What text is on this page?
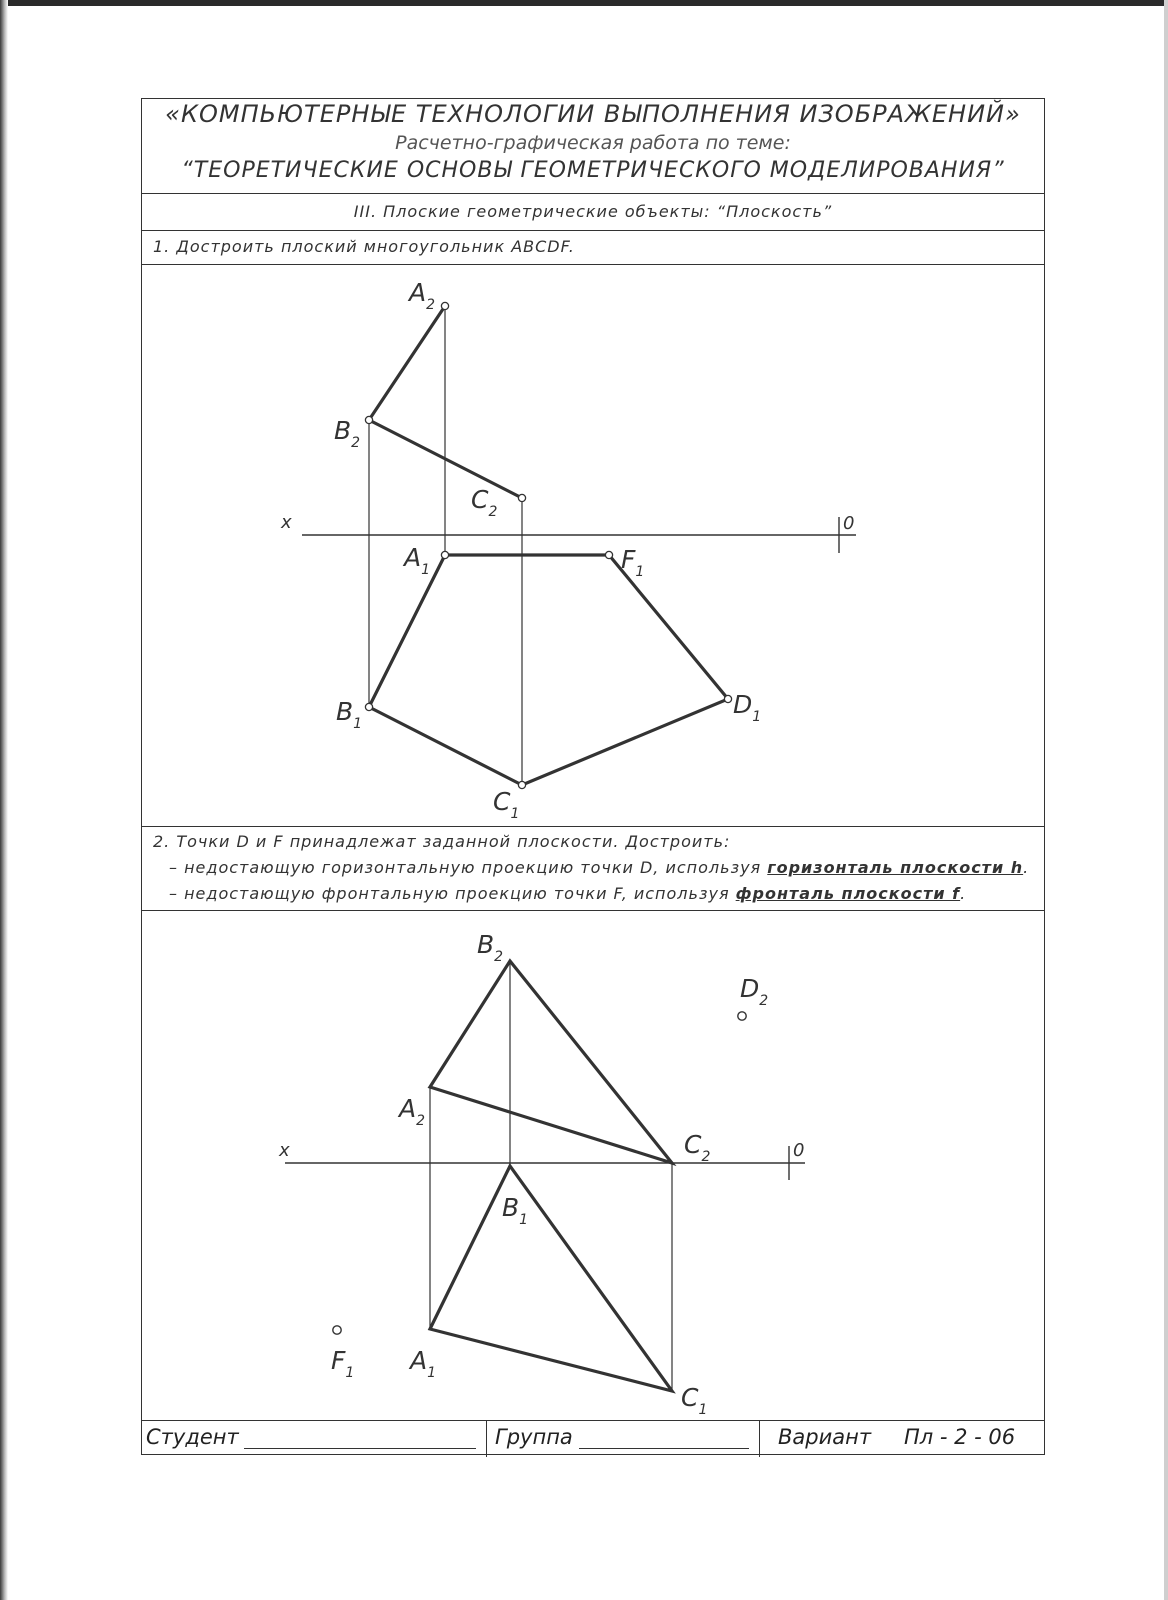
«КОМПЬЮТЕРНЫЕ ТЕХНОЛОГИИ ВЫПОЛНЕНИЯ ИЗОБРАЖЕНИЙ»
Расчетно-графическая работа по теме:
“ТЕОРЕТИЧЕСКИЕ ОСНОВЫ ГЕОМЕТРИЧЕСКОГО МОДЕЛИРОВАНИЯ”
III. Плоские геометрические объекты: “Плоскость”
1. Достроить плоский многоугольник ABCDF.
2. Точки D и F принадлежат заданной плоскости. Достроить:
– недостающую горизонтальную проекцию точки D, используя горизонталь плоскости h.
– недостающую фронтальную проекцию точки F, используя фронталь плоскости f.
Студент	Группа	Вариант Пл - 2 - 06
x	0
$A_2$
$B_2$
$C_2$
$A_1$	$F_1$
$B_1$
$D_1$
$C_1$
x	0
$B_2$
$D_2$
$A_2$
$C_2$
$B_1$
$F_1$ $A_1$
$C_1$
